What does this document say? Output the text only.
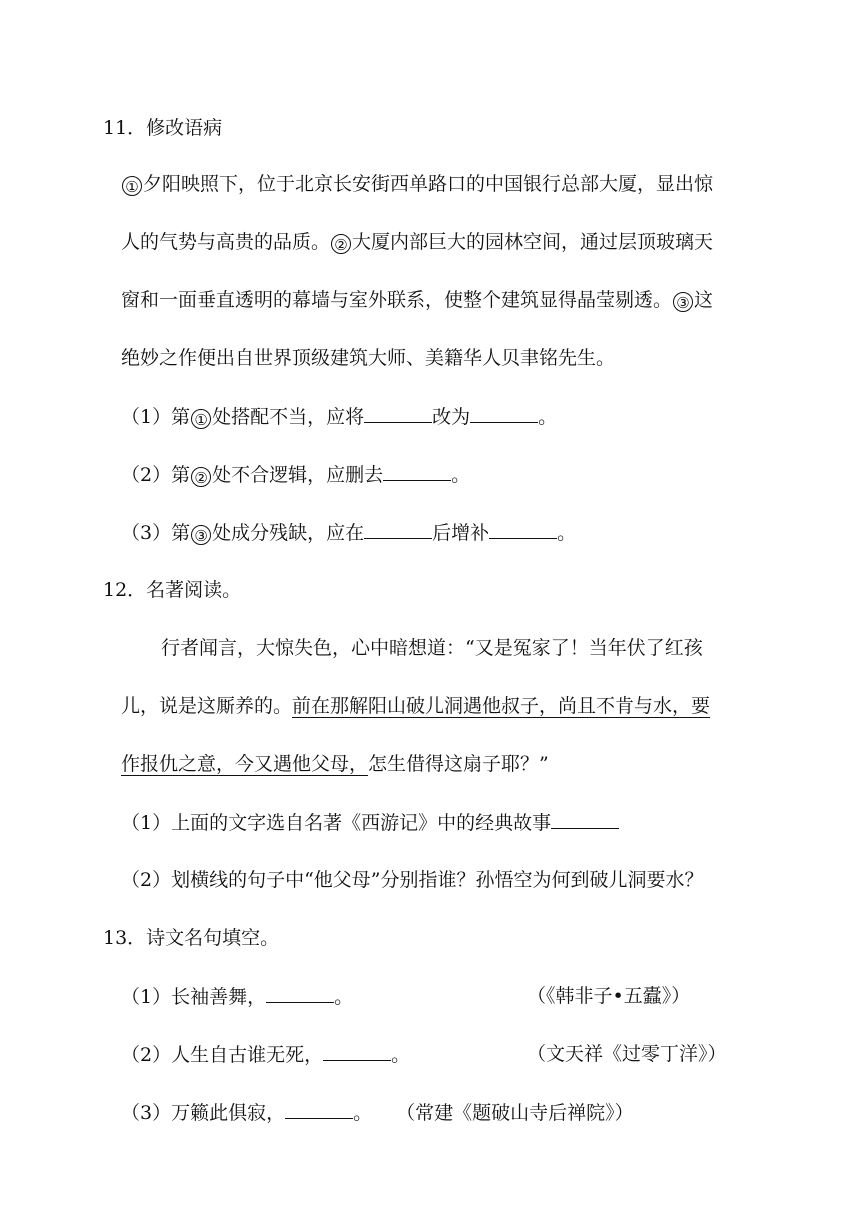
11．修改语病
① 夕阳映照下，位于北京长安街西单路口的中国银行总部大厦，显出惊
人的气势与高贵的品质。 ② 大厦内部巨大的园林空间，通过层顶玻璃天
窗和一面垂直透明的幕墙与室外联系，使整个建筑显得晶莹剔透。 ③ 这
绝妙之作便出自世界顶级建筑大师、美籍华人贝聿铭先生。
（1）第 ① 处搭配不当，应将	改为	。
（2）第 ② 处不合逻辑，应删去	。
（3）第 ③ 处成分残缺，应在	后增补	。
12．名著阅读。
行者闻言，大惊失色，心中暗想道：“又是冤家了！当年伏了红孩
儿，说是这厮养的。前在那解阳山破儿洞遇他叔子，尚且不肯与水，要
作报仇之意，今又遇他父母，怎生借得这扇子耶？”
（1）上面的文字选自名著《西游记》中的经典故事
（2）划横线的句子中“他父母”分别指谁？孙悟空为何到破儿洞要水？
13．诗文名句填空。
（1）长袖善舞，	。	（《韩非子•五蠹》）
（2）人生自古谁无死，	。	（文天祥《过零丁洋》）
（3）万籁此俱寂，	。 （常建《题破山寺后禅院》）
